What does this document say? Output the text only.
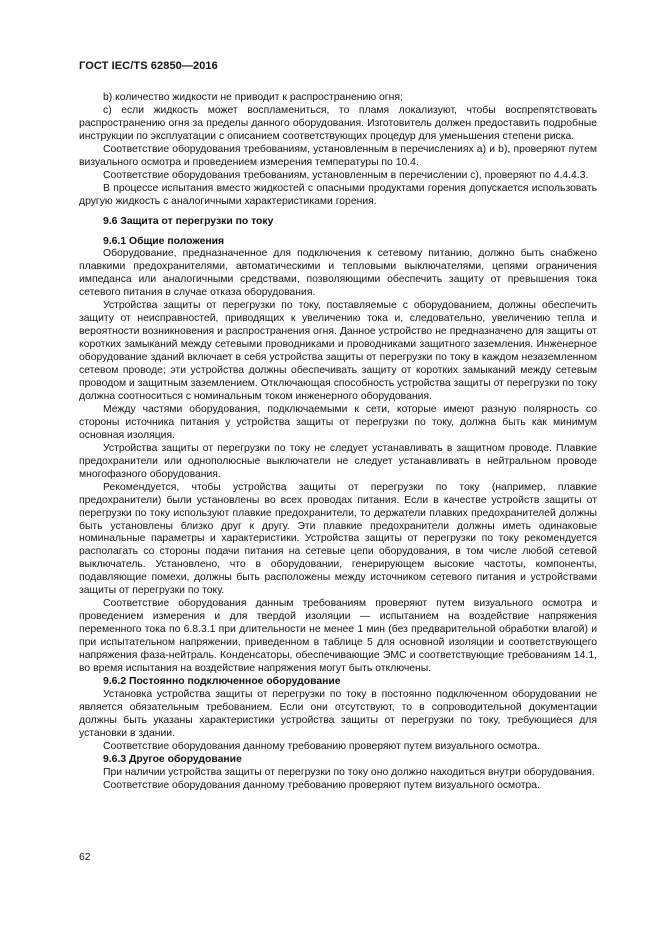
ГОСТ IEC/TS 62850—2016

b) количество жидкости не приводит к распространению огня;

c) если жидкость может воспламениться, то пламя локализуют, чтобы воспрепятствовать распространению огня за пределы данного оборудования. Изготовитель должен предоставить подробные инструкции по эксплуатации с описанием соответствующих процедур для уменьшения степени риска.

Соответствие оборудования требованиям, установленным в перечислениях a) и b), проверяют путем визуального осмотра и проведением измерения температуры по 10.4.

Соответствие оборудования требованиям, установленным в перечислении c), проверяют по 4.4.4.3.

В процессе испытания вместо жидкостей с опасными продуктами горения допускается использовать другую жидкость с аналогичными характеристиками горения.

9.6 Защита от перегрузки по току
9.6.1 Общие положения

Оборудование, предназначенное для подключения к сетевому питанию, должно быть снабжено плавкими предохранителями, автоматическими и тепловыми выключателями, цепями ограничения импеданса или аналогичными средствами, позволяющими обеспечить защиту от превышения тока сетевого питания в случае отказа оборудования.

Устройства защиты от перегрузки по току, поставляемые с оборудованием, должны обеспечить защиту от неисправностей, приводящих к увеличению тока и, следовательно, увеличению тепла и вероятности возникновения и распространения огня. Данное устройство не предназначено для защиты от коротких замыканий между сетевыми проводниками и проводниками защитного заземления. Инженерное оборудование зданий включает в себя устройства защиты от перегрузки по току в каждом незаземленном сетевом проводе; эти устройства должны обеспечивать защиту от коротких замыканий между сетевым проводом и защитным заземлением. Отключающая способность устройства защиты от перегрузки по току должна соотноситься с номинальным током инженерного оборудования.

Между частями оборудования, подключаемыми к сети, которые имеют разную полярность со стороны источника питания у устройства защиты от перегрузки по току, должна быть как минимум основная изоляция.

Устройства защиты от перегрузки по току не следует устанавливать в защитном проводе. Плавкие предохранители или однополюсные выключатели не следует устанавливать в нейтральном проводе многофазного оборудования.

Рекомендуется, чтобы устройства защиты от перегрузки по току (например, плавкие предохранители) были установлены во всех проводах питания. Если в качестве устройств защиты от перегрузки по току используют плавкие предохранители, то держатели плавких предохранителей должны быть установлены близко друг к другу. Эти плавкие предохранители должны иметь одинаковые номинальные параметры и характеристики. Устройства защиты от перегрузки по току рекомендуется располагать со стороны подачи питания на сетевые цепи оборудования, в том числе любой сетевой выключатель. Установлено, что в оборудовании, генерирующем высокие частоты, компоненты, подавляющие помехи, должны быть расположены между источником сетевого питания и устройствами защиты от перегрузки по току.

Соответствие оборудования данным требованиям проверяют путем визуального осмотра и проведением измерения и для твердой изоляции — испытанием на воздействие напряжения переменного тока по 6.8.3.1 при длительности не менее 1 мин (без предварительной обработки влагой) и при испытательном напряжении, приведенном в таблице 5 для основной изоляции и соответствующего напряжения фаза-нейтраль. Конденсаторы, обеспечивающие ЭМС и соответствующие требованиям 14.1, во время испытания на воздействие напряжения могут быть отключены.

9.6.2 Постоянно подключенное оборудование

Установка устройства защиты от перегрузки по току в постоянно подключенном оборудовании не является обязательным требованием. Если они отсутствуют, то в сопроводительной документации должны быть указаны характеристики устройства защиты от перегрузки по току, требующиеся для установки в здании.

Соответствие оборудования данному требованию проверяют путем визуального осмотра.

9.6.3 Другое оборудование

При наличии устройства защиты от перегрузки по току оно должно находиться внутри оборудования.

Соответствие оборудования данному требованию проверяют путем визуального осмотра.

62
